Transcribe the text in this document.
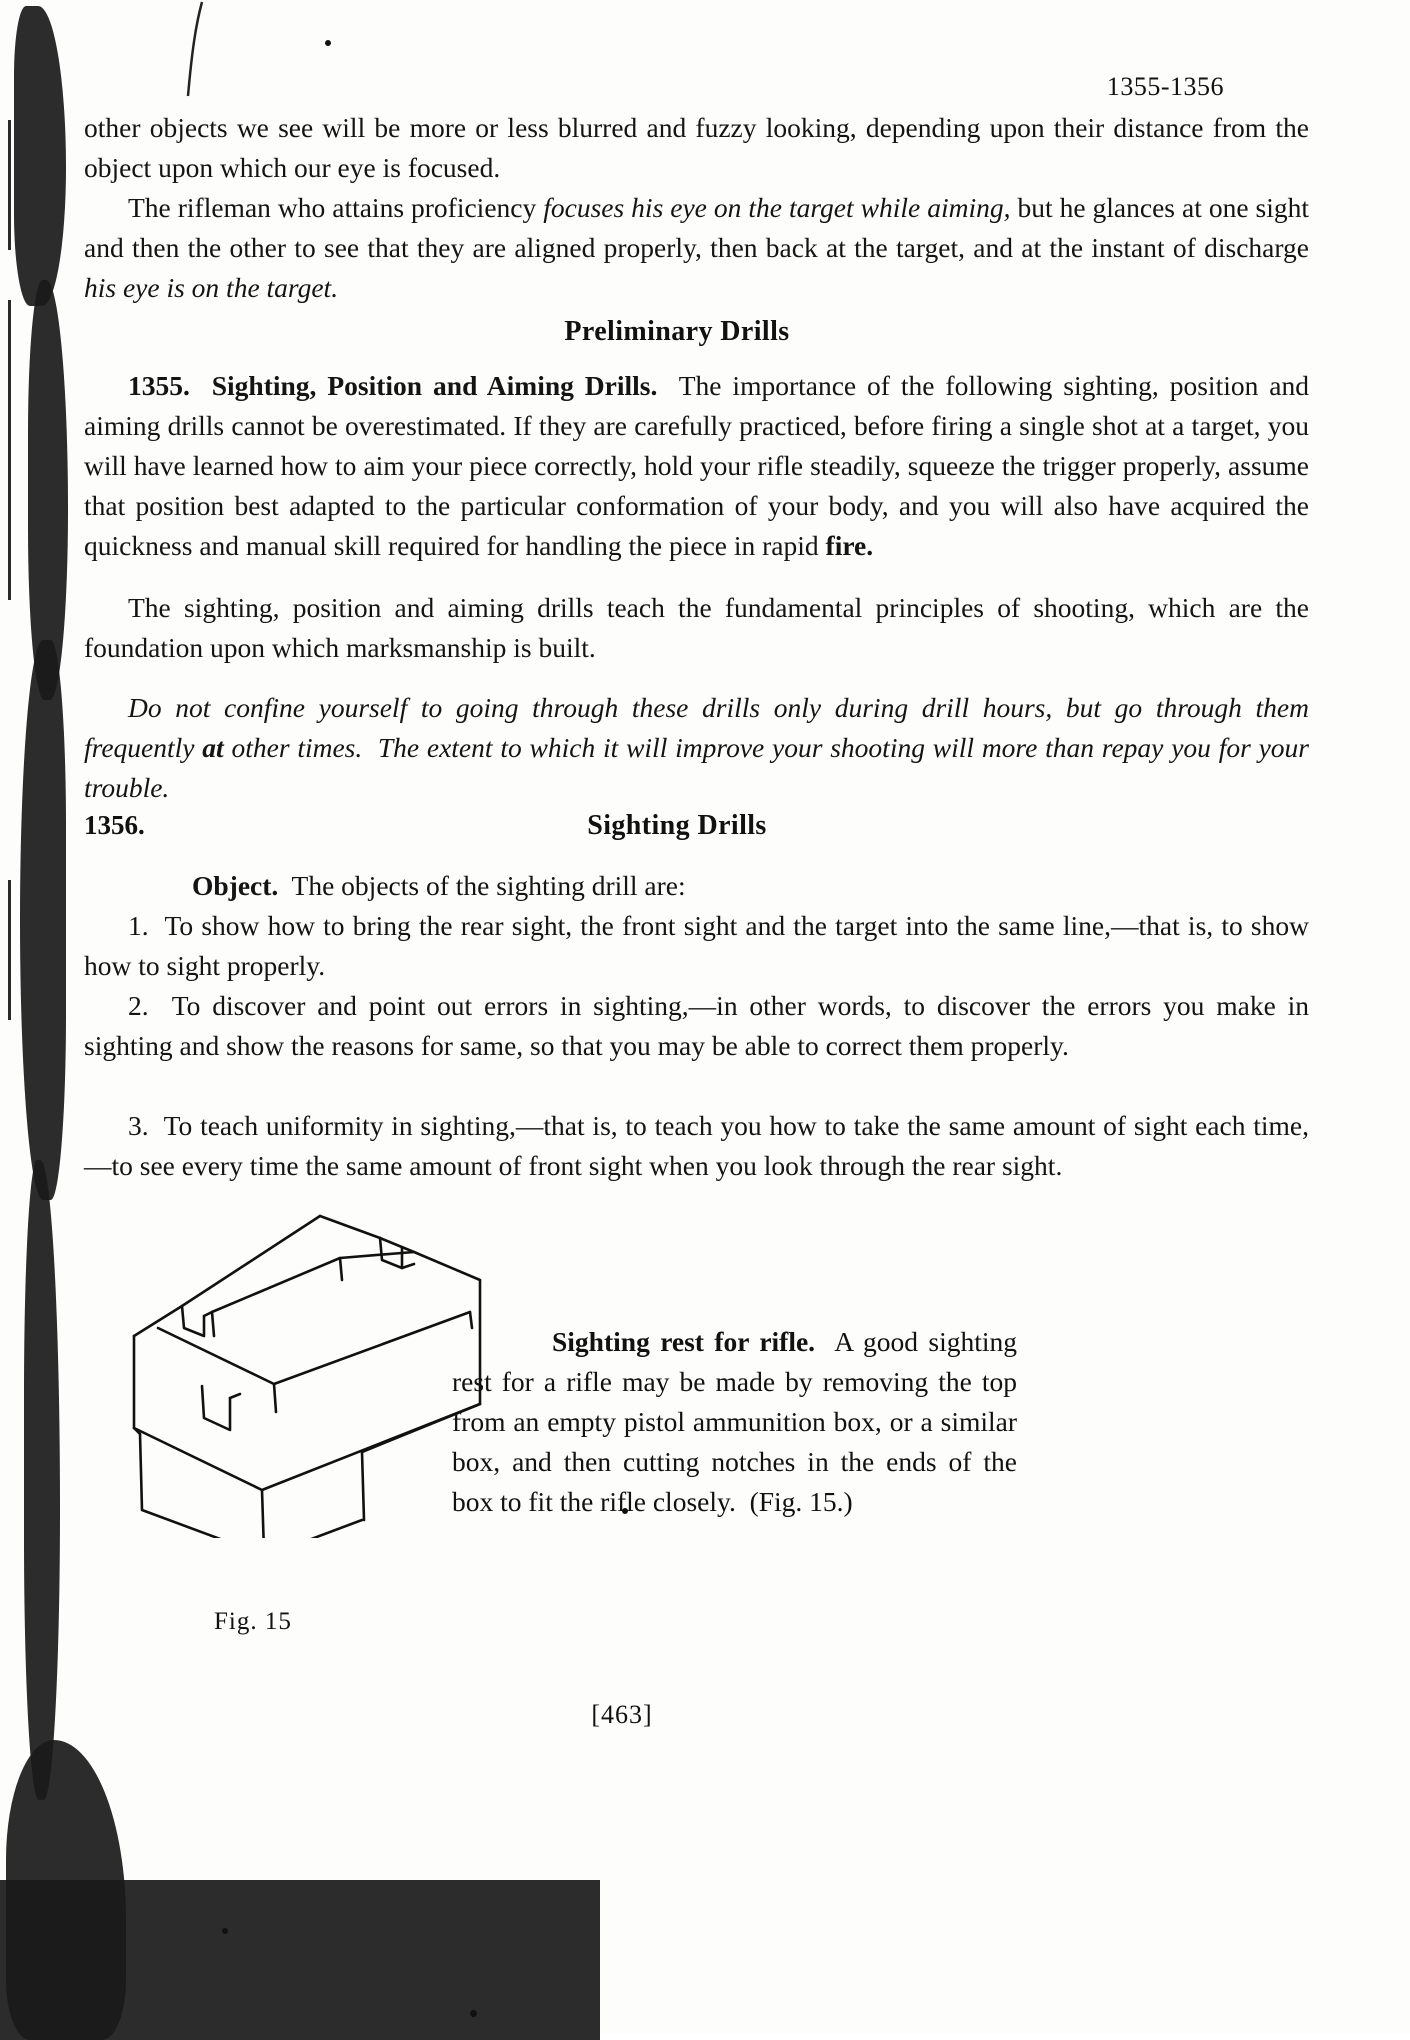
1355-1356
other objects we see will be more or less blurred and fuzzy looking, depending upon their distance from the object upon which our eye is focused.
The rifleman who attains proficiency focuses his eye on the target while aiming, but he glances at one sight and then the other to see that they are aligned properly, then back at the target, and at the instant of discharge his eye is on the target.
Preliminary Drills
1355.  Sighting, Position and Aiming Drills.  The importance of the following sighting, position and aiming drills cannot be overestimated. If they are carefully practiced, before firing a single shot at a target, you will have learned how to aim your piece correctly, hold your rifle steadily, squeeze the trigger properly, assume that position best adapted to the particular conformation of your body, and you will also have acquired the quickness and manual skill required for handling the piece in rapid fire.
The sighting, position and aiming drills teach the fundamental principles of shooting, which are the foundation upon which marksmanship is built.
Do not confine yourself to going through these drills only during drill hours, but go through them frequently at other times.  The extent to which it will improve your shooting will more than repay you for your trouble.
1356.	Sighting Drills
Object.  The objects of the sighting drill are:
1.  To show how to bring the rear sight, the front sight and the target into the same line,—that is, to show how to sight properly.
2.  To discover and point out errors in sighting,—in other words, to discover the errors you make in sighting and show the reasons for same, so that you may be able to correct them properly.
3.  To teach uniformity in sighting,—that is, to teach you how to take the same amount of sight each time,—to see every time the same amount of front sight when you look through the rear sight.
Fig. 15
Sighting rest for rifle.  A good sighting rest for a rifle may be made by removing the top from an empty pistol ammunition box, or a similar box, and then cutting notches in the ends of the box to fit the rifle closely.  (Fig. 15.)
[463]
